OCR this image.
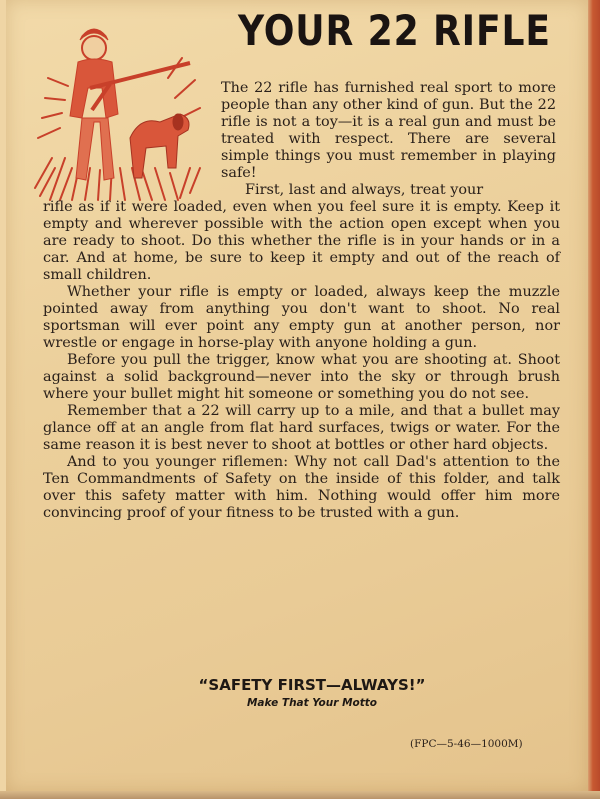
YOUR 22 RIFLE
The 22 rifle has furnished real sport to more people than any other kind of gun. But the 22 rifle is not a toy—it is a real gun and must be treated with respect. There are several simple things you must remember in playing safe!
First, last and always, treat your

rifle as if it were loaded, even when you feel sure it is empty. Keep it empty and wherever possible with the action open except when you are ready to shoot. Do this whether the rifle is in your hands or in a car. And at home, be sure to keep it empty and out of the reach of small children.

Whether your rifle is empty or loaded, always keep the muzzle pointed away from anything you don't want to shoot. No real sportsman will ever point any empty gun at another person, nor wrestle or engage in horse-play with anyone holding a gun.

Before you pull the trigger, know what you are shooting at. Shoot against a solid background—never into the sky or through brush where your bullet might hit someone or something you do not see.

Remember that a 22 will carry up to a mile, and that a bullet may glance off at an angle from flat hard surfaces, twigs or water. For the same reason it is best never to shoot at bottles or other hard objects.

And to you younger riflemen: Why not call Dad's attention to the Ten Commandments of Safety on the inside of this folder, and talk over this safety matter with him. Nothing would offer him more convincing proof of your fitness to be trusted with a gun.

“SAFETY FIRST—ALWAYS!”
Make That Your Motto
(FPC—5-46—1000M)
